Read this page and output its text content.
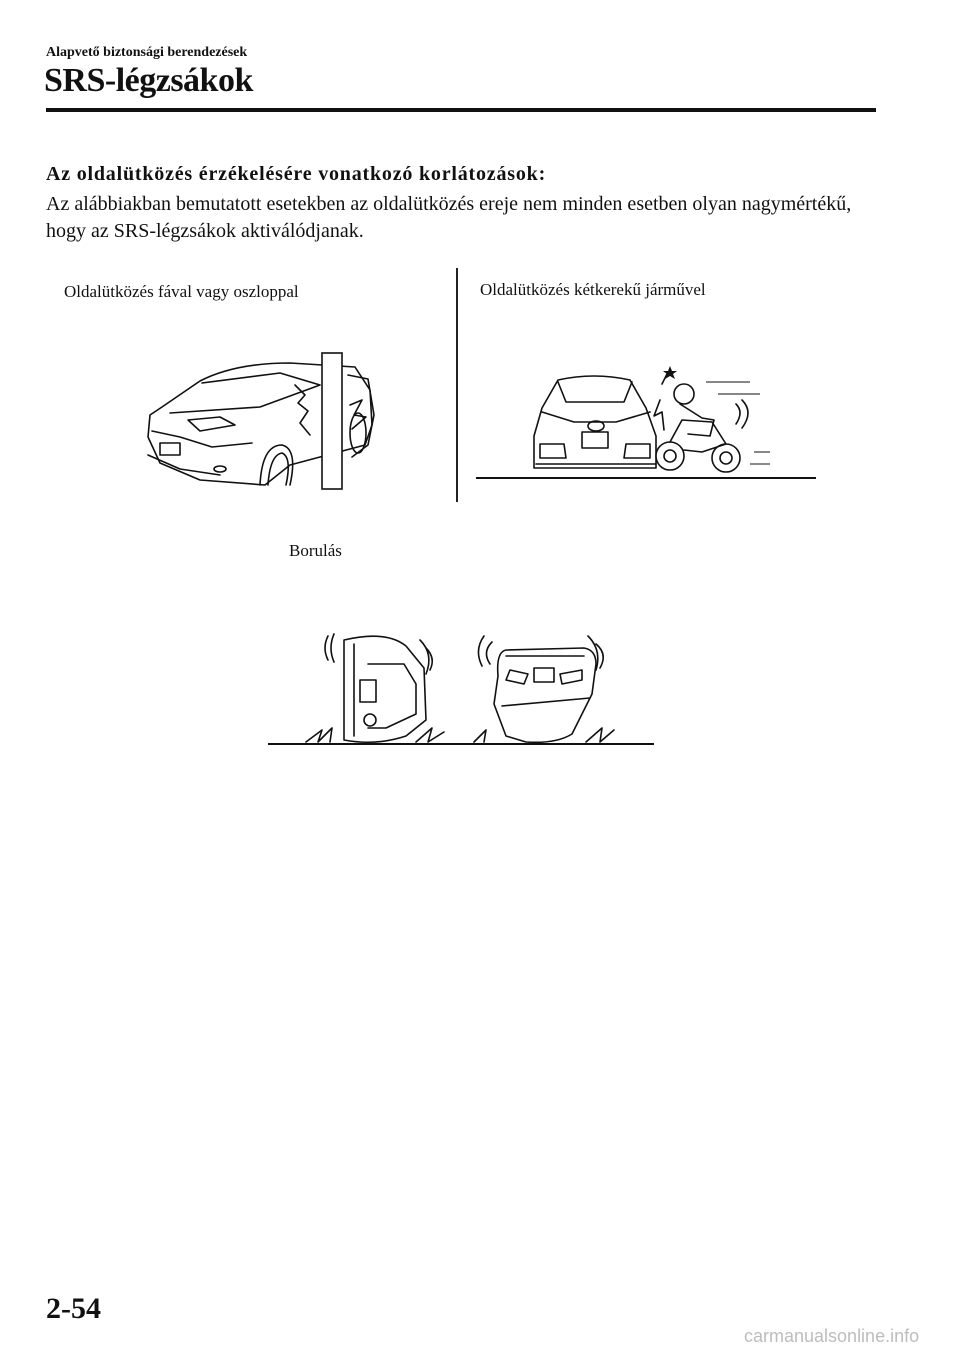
Alapvető biztonsági berendezések
SRS-légzsákok
Az oldalütközés érzékelésére vonatkozó korlátozások:
Az alábbiakban bemutatott esetekben az oldalütközés ereje nem minden esetben olyan nagymértékű, hogy az SRS-légzsákok aktiválódjanak.
Oldalütközés fával vagy oszloppal	Oldalütközés kétkerekű járművel
Borulás
2-54
carmanualsonline.info
